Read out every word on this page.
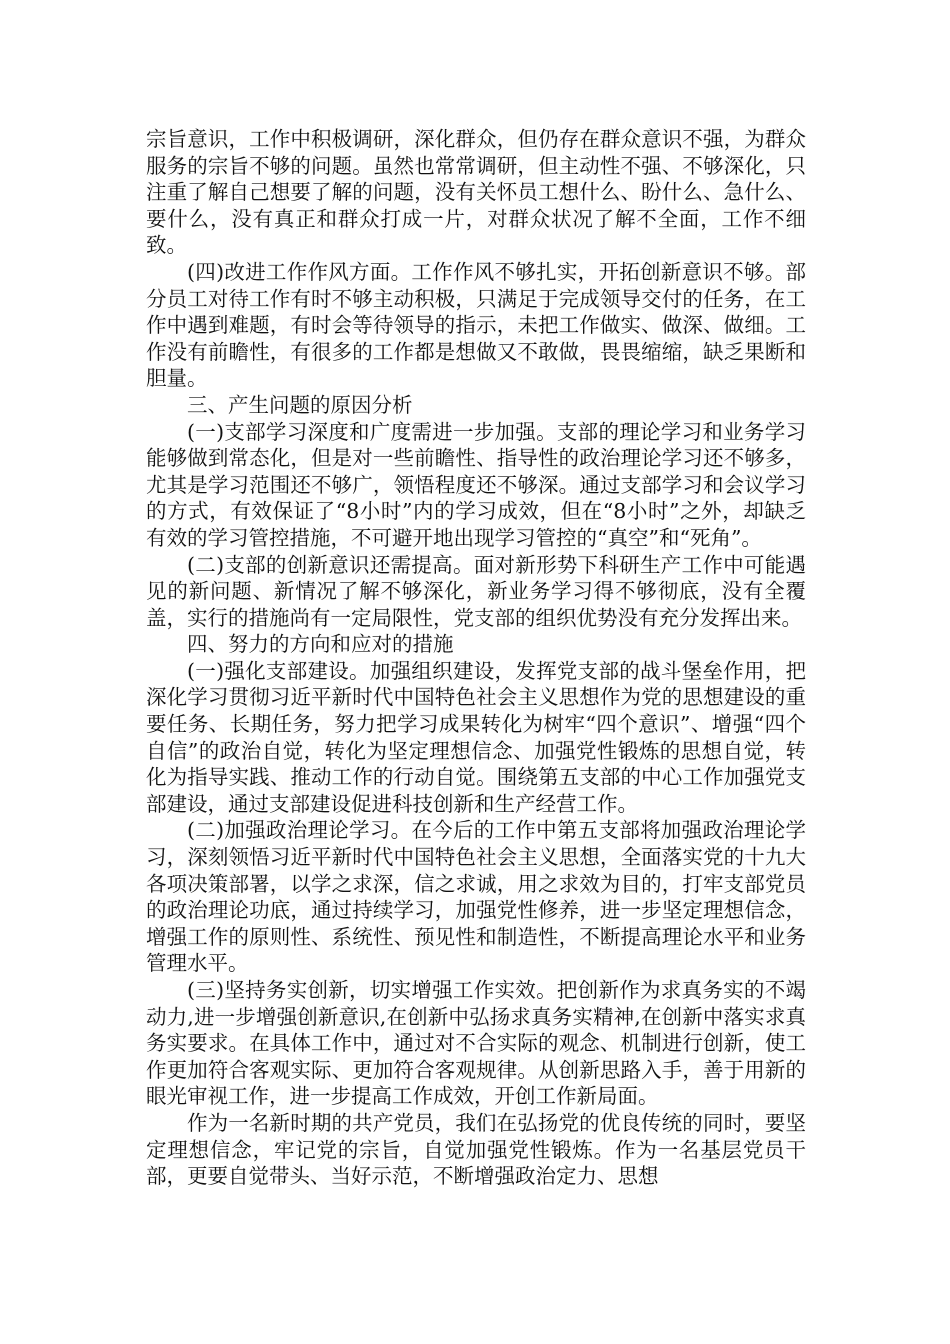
宗旨意识，工作中积极调研，深化群众，但仍存在群众意识不强，为群众服务的宗旨不够的问题。虽然也常常调研，但主动性不强、不够深化，只注重了解自己想要了解的问题，没有关怀员工想什么、盼什么、急什么、要什么，没有真正和群众打成一片，对群众状况了解不全面，工作不细致。

(四)改进工作作风方面。工作作风不够扎实，开拓创新意识不够。部分员工对待工作有时不够主动积极，只满足于完成领导交付的任务，在工作中遇到难题，有时会等待领导的指示，未把工作做实、做深、做细。工作没有前瞻性，有很多的工作都是想做又不敢做，畏畏缩缩，缺乏果断和胆量。

三、产生问题的原因分析

(一)支部学习深度和广度需进一步加强。支部的理论学习和业务学习能够做到常态化，但是对一些前瞻性、指导性的政治理论学习还不够多，尤其是学习范围还不够广，领悟程度还不够深。通过支部学习和会议学习的方式，有效保证了“8小时”内的学习成效，但在“8小时”之外，却缺乏有效的学习管控措施，不可避开地出现学习管控的“真空”和“死角”。

(二)支部的创新意识还需提高。面对新形势下科研生产工作中可能遇见的新问题、新情况了解不够深化，新业务学习得不够彻底，没有全覆盖，实行的措施尚有一定局限性，党支部的组织优势没有充分发挥出来。

四、努力的方向和应对的措施

(一)强化支部建设。加强组织建设，发挥党支部的战斗堡垒作用，把深化学习贯彻习近平新时代中国特色社会主义思想作为党的思想建设的重要任务、长期任务，努力把学习成果转化为树牢“四个意识”、增强“四个自信”的政治自觉，转化为坚定理想信念、加强党性锻炼的思想自觉，转化为指导实践、推动工作的行动自觉。围绕第五支部的中心工作加强党支部建设，通过支部建设促进科技创新和生产经营工作。

(二)加强政治理论学习。在今后的工作中第五支部将加强政治理论学习，深刻领悟习近平新时代中国特色社会主义思想，全面落实党的十九大各项决策部署，以学之求深，信之求诚，用之求效为目的，打牢支部党员的政治理论功底，通过持续学习，加强党性修养，进一步坚定理想信念，增强工作的原则性、系统性、预见性和制造性，不断提高理论水平和业务管理水平。

(三)坚持务实创新，切实增强工作实效。把创新作为求真务实的不竭动力,进一步增强创新意识,在创新中弘扬求真务实精神,在创新中落实求真务实要求。在具体工作中，通过对不合实际的观念、机制进行创新，使工作更加符合客观实际、更加符合客观规律。从创新思路入手，善于用新的眼光审视工作，进一步提高工作成效，开创工作新局面。

作为一名新时期的共产党员，我们在弘扬党的优良传统的同时，要坚定理想信念，牢记党的宗旨，自觉加强党性锻炼。作为一名基层党员干部，更要自觉带头、当好示范，不断增强政治定力、思想
